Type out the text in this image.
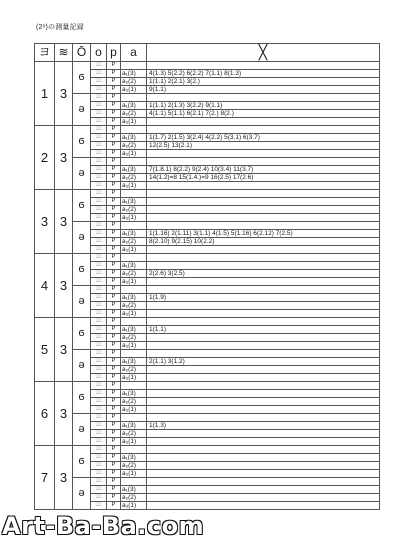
(2ᵒ)の測量記録
ヨ	≋	Ō	o	p	a	╳
1	3	ϭ	□	P		
			□	P	a₁(3)	4(1.3) 5(2.2) 6(2.2) 7(1.1) 8(1.3)
			□	P	a₂(2)	1(1.1) 2(2.1) 3(2.)
			□	P	a₃(1)	9(1.1)
		ə	□	P		
			□	P	a₁(3)	1(1.1) 2(1.3) 3(2.2) 9(1.1)
			□	P	a₂(2)	4(1.1) 5(1.1) 6(2.1) 7(2.) 8(2.)
			□	P	a₃(1)	
2	3	ϭ	□	P		
			□	P	a₁(3)	1(1.7) 2(1.5) 3(2.4) 4(2.2) 5(3.1) 6(3.7)
			□	P	a₂(2)	12(2.5) 13(2.1)
			□	P	a₃(1)	
		ə	□	P		
			□	P	a₁(3)	7(1.8.1) 8(2.2) 9(2.4) 10(3.4) 11(3.7)
			□	P	a₂(2)	14(1.2)=8 15(1.4.)=9 16(2.5) 17(2.6)
			□	P	a₃(1)	
3	3	ϭ	□	P		
			□	P	a₁(3)	
			□	P	a₂(2)	
			□	P	a₃(1)	
		ə	□	P		
			□	P	a₁(3)	1(1.16) 2(1.11) 3(1.1) 4(1.5) 5(1.16) 6(2.12) 7(2.5)
			□	P	a₂(2)	8(2.10) 9(2.15) 10(2.2)
			□	P	a₃(1)	
4	3	ϭ	□	P		
			□	P	a₁(3)	
			□	P	a₂(2)	2(2.6) 3(2.5)
			□	P	a₃(1)	
		ə	□	P		
			□	P	a₁(3)	1(1.9)
			□	P	a₂(2)	
			□	P	a₃(1)	
5	3	ϭ	□	P		
			□	P	a₁(3)	1(1.1)
			□	P	a₂(2)	
			□	P	a₃(1)	
		ə	□	P		
			□	P	a₁(3)	2(1.1) 3(1.2)
			□	P	a₂(2)	
			□	P	a₃(1)	
6	3	ϭ	□	P		
			□	P	a₁(3)	
			□	P	a₂(2)	
			□	P	a₃(1)	
		ə	□	P		
			□	P	a₁(3)	1(1.3)
			□	P	a₂(2)	
			□	P	a₃(1)	
7	3	ϭ	□	P		
			□	P	a₁(3)	
			□	P	a₂(2)	
			□	P	a₃(1)	
		ə	□	P		
			□	P	a₁(3)	
			□	P	a₂(2)	
			□	P	a₃(1)	
Art-Ba-Ba.com
